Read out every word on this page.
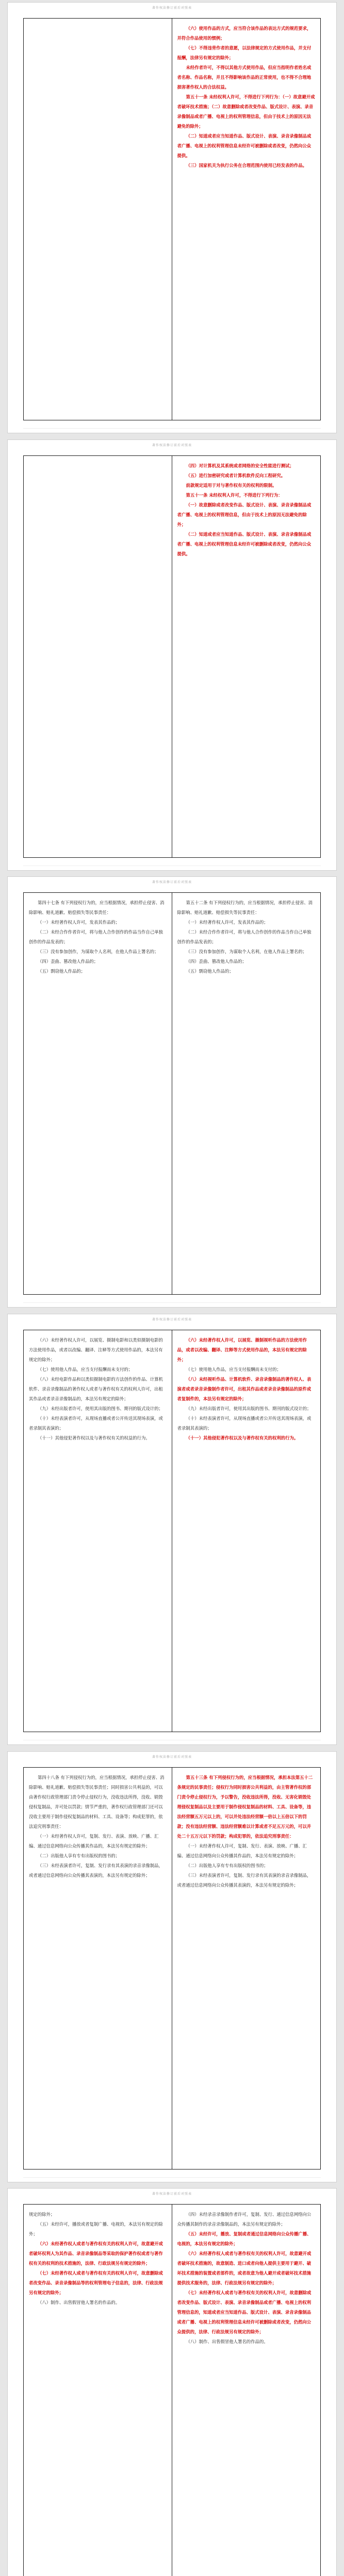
著作权法修订前后对照表

（六）使用作品的方式，应当符合该作品的表达方式的规范要求，并符合作品使用的惯例；

（七）不得违背作者的意愿，以法律规定的方式使用作品，并支付报酬，法律另有规定的除外；

未经作者许可，不得以其他方式使用作品，但应当指明作者姓名或者名称、作品名称，并且不得影响该作品的正常使用，也不得不合理地损害著作权人的合法权益。

第五十一条 未经权利人许可，不得进行下列行为：（一）故意避开或者破坏技术措施；（二）故意删除或者改变作品、版式设计、表演、录音录像制品或者广播、电视上的权利管理信息，但由于技术上的原因无法避免的除外；

（二）知道或者应当知道作品、版式设计、表演、录音录像制品或者广播、电视上的权利管理信息未经许可被删除或者改变，仍然向公众提供。

（三）国家机关为执行公务在合理范围内使用已经发表的作品。

著作权法修订前后对照表

（四）对计算机及其系统或者网络的安全性能进行测试；

（五）进行加密研究或者计算机软件反向工程研究。

前款规定适用于对与著作权有关的权利的限制。

第五十一条 未经权利人许可，不得进行下列行为：

（一）故意删除或者改变作品、版式设计、表演、录音录像制品或者广播、电视上的权利管理信息，但由于技术上的原因无法避免的除外；

（二）知道或者应当知道作品、版式设计、表演、录音录像制品或者广播、电视上的权利管理信息未经许可被删除或者改变，仍然向公众提供。

著作权法修订前后对照表

第四十七条 有下列侵权行为的，应当根据情况，承担停止侵害、消除影响、赔礼道歉、赔偿损失等民事责任：

（一）未经著作权人许可，发表其作品的；

（二）未经合作作者许可，将与他人合作创作的作品当作自己单独创作的作品发表的；

（三）没有参加创作，为谋取个人名利，在他人作品上署名的；

（四）歪曲、篡改他人作品的；

（五）剽窃他人作品的；

第五十二条 有下列侵权行为的，应当根据情况，承担停止侵害、消除影响、赔礼道歉、赔偿损失等民事责任：

（一）未经著作权人许可，发表其作品的；

（二）未经合作作者许可，将与他人合作创作的作品当作自己单独创作的作品发表的；

（三）没有参加创作，为谋取个人名利，在他人作品上署名的；

（四）歪曲、篡改他人作品的；

（五）剽窃他人作品的；

著作权法修订前后对照表

（六）未经著作权人许可，以展览、摄制电影和以类似摄制电影的方法使用作品，或者以改编、翻译、注释等方式使用作品的，本法另有规定的除外；

（七）使用他人作品，应当支付报酬而未支付的；

（八）未经电影作品和以类似摄制电影的方法创作的作品、计算机软件、录音录像制品的著作权人或者与著作权有关的权利人许可，出租其作品或者录音录像制品的，本法另有规定的除外；

（九）未经出版者许可，使用其出版的图书、期刊的版式设计的；

（十）未经表演者许可，从现场直播或者公开传送其现场表演，或者录制其表演的；

（十一）其他侵犯著作权以及与著作权有关的权益的行为。

（六）未经著作权人许可，以展览、摄制视听作品的方法使用作品，或者以改编、翻译、注释等方式使用作品的，本法另有规定的除外；

（七）使用他人作品，应当支付报酬而未支付的；

（八）未经视听作品、计算机软件、录音录像制品的著作权人、表演者或者录音录像制作者许可，出租其作品或者录音录像制品的原件或者复制件的，本法另有规定的除外；

（九）未经出版者许可，使用其出版的图书、期刊的版式设计的；

（十）未经表演者许可，从现场直播或者公开传送其现场表演，或者录制其表演的；

（十一）其他侵犯著作权以及与著作权有关的权利的行为。

著作权法修订前后对照表

第四十八条 有下列侵权行为的，应当根据情况，承担停止侵害、消除影响、赔礼道歉、赔偿损失等民事责任；同时损害公共利益的，可以由著作权行政管理部门责令停止侵权行为，没收违法所得，没收、销毁侵权复制品，并可处以罚款；情节严重的，著作权行政管理部门还可以没收主要用于制作侵权复制品的材料、工具、设备等；构成犯罪的，依法追究刑事责任：

（一）未经著作权人许可，复制、发行、表演、放映、广播、汇编、通过信息网络向公众传播其作品的，本法另有规定的除外；

（二）出版他人享有专有出版权的图书的；

（三）未经表演者许可，复制、发行录有其表演的录音录像制品，或者通过信息网络向公众传播其表演的，本法另有规定的除外；

第五十三条 有下列侵权行为的，应当根据情况，承担本法第五十二条规定的民事责任；侵权行为同时损害公共利益的，由主管著作权的部门责令停止侵权行为，予以警告，没收违法所得，没收、无害化销毁处理侵权复制品以及主要用于制作侵权复制品的材料、工具、设备等，违法经营额五万元以上的，可以并处违法经营额一倍以上五倍以下的罚款；没有违法经营额、违法经营额难以计算或者不足五万元的，可以并处二十五万元以下的罚款；构成犯罪的，依法追究刑事责任：

（一）未经著作权人许可，复制、发行、表演、放映、广播、汇编、通过信息网络向公众传播其作品的，本法另有规定的除外；

（二）出版他人享有专有出版权的图书的；

（三）未经表演者许可，复制、发行录有其表演的录音录像制品，或者通过信息网络向公众传播其表演的，本法另有规定的除外；

著作权法修订前后对照表

规定的除外；

（五）未经许可，播放或者复制广播、电视的，本法另有规定的除外；

（六）未经著作权人或者与著作权有关的权利人许可，故意避开或者破坏权利人为其作品、录音录像制品等采取的保护著作权或者与著作权有关的权利的技术措施的，法律、行政法规另有规定的除外；

（七）未经著作权人或者与著作权有关的权利人许可，故意删除或者改变作品、录音录像制品等的权利管理电子信息的，法律、行政法规另有规定的除外；

（八）制作、出售假冒他人署名的作品的。

（四）未经录音录像制作者许可，复制、发行、通过信息网络向公众传播其制作的录音录像制品的，本法另有规定的除外；

（五）未经许可，播放、复制或者通过信息网络向公众传播广播、电视的，本法另有规定的除外；

（六）未经著作权人或者与著作权有关的权利人许可，故意避开或者破坏技术措施的，故意制造、进口或者向他人提供主要用于避开、破坏技术措施的装置或者部件的，或者故意为他人避开或者破坏技术措施提供技术服务的，法律、行政法规另有规定的除外；

（七）未经著作权人或者与著作权有关的权利人许可，故意删除或者改变作品、版式设计、表演、录音录像制品或者广播、电视上的权利管理信息的，知道或者应当知道作品、版式设计、表演、录音录像制品或者广播、电视上的权利管理信息未经许可被删除或者改变，仍然向公众提供的，法律、行政法规另有规定的除外；

（八）制作、出售假冒他人署名的作品的。
